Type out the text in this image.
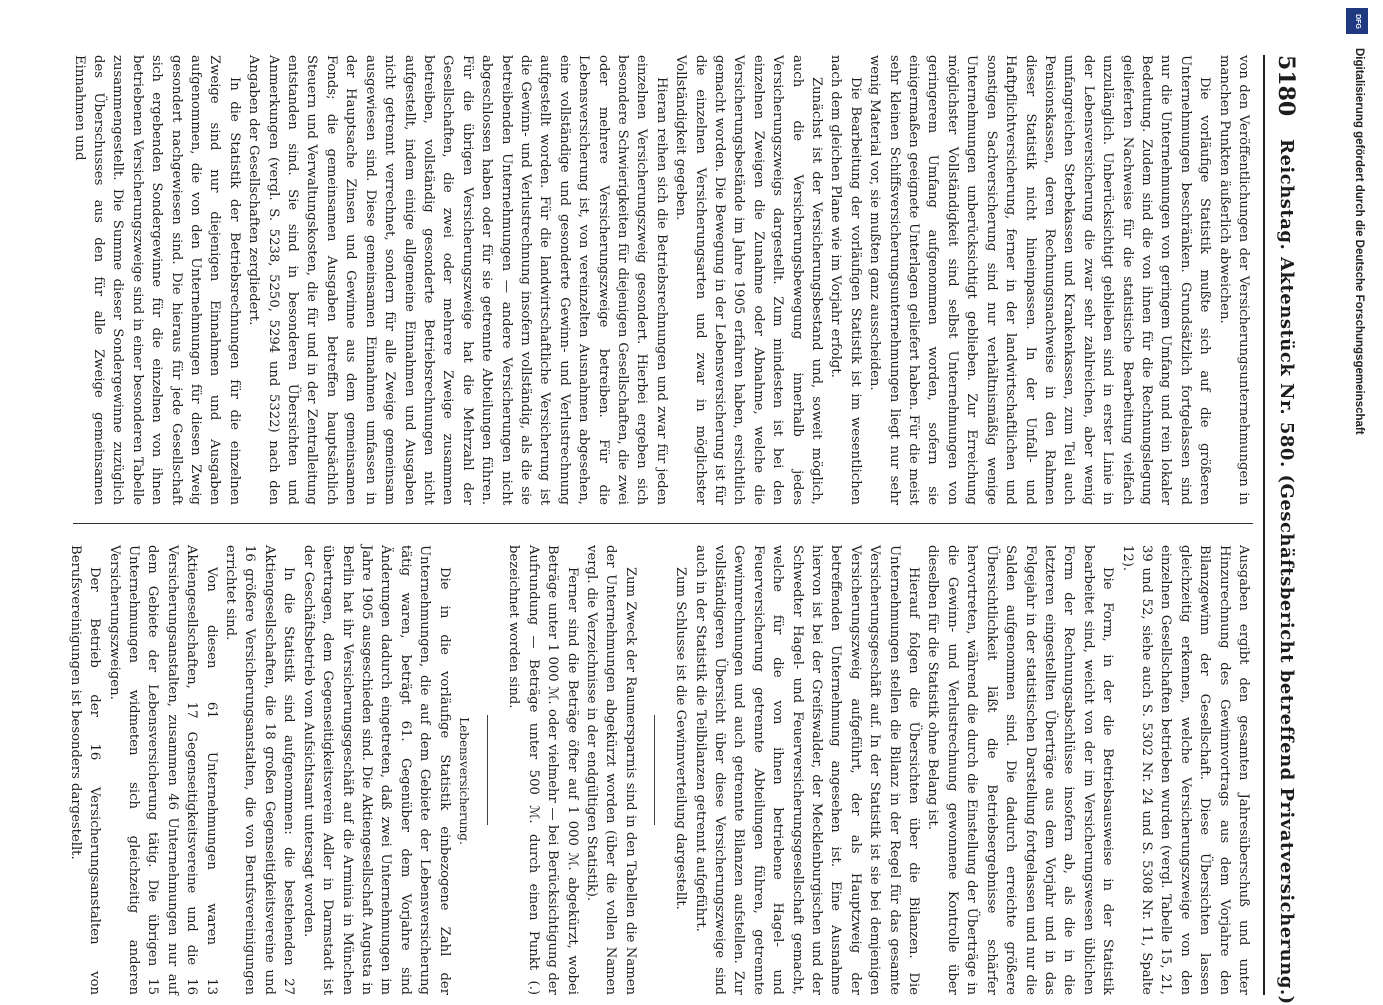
5180
Reichstag. Aktenstück Nr. 580. (Geschäftsbericht betreffend Privatversicherung.)

von den Veröffentlichungen der Versicherungsunternehmungen in manchen Punkten äußerlich abweichen.

Die vorläufige Statistik mußte sich auf die größeren Unternehmungen beschränken. Grundsätzlich fortgelassen sind nur die Unternehmungen von geringem Umfang und rein lokaler Bedeutung. Zudem sind die von ihnen für die Rechnungslegung gelieferten Nachweise für die statistische Bearbeitung vielfach unzulänglich. Unberücksichtigt geblieben sind in erster Linie in der Lebensversicherung die zwar sehr zahlreichen, aber wenig umfangreichen Sterbekassen und Krankenkassen, zum Teil auch Pensionskassen, deren Rechnungsnachweise in den Rahmen dieser Statistik nicht hineinpassen. In der Unfall- und Haftpflichtversicherung, ferner in der landwirtschaftlichen und sonstigen Sachversicherung sind nur verhältnismäßig wenige Unternehmungen unberücksichtigt geblieben. Zur Erreichung möglichster Vollständigkeit sind selbst Unternehmungen von geringerem Umfang aufgenommen worden, sofern sie einigermaßen geeignete Unterlagen geliefert haben. Für die meist sehr kleinen Schiffsversicherungsunternehmungen liegt nur sehr wenig Material vor, sie mußten ganz ausscheiden.

Die Bearbeitung der vorläufigen Statistik ist im wesentlichen nach dem gleichen Plane wie im Vorjahr erfolgt.

Zunächst ist der Versicherungsbestand und, soweit möglich, auch die Versicherungsbewegung innerhalb jedes Versicherungszweigs dargestellt. Zum mindesten ist bei den einzelnen Zweigen die Zunahme oder Abnahme, welche die Versicherungsbestände im Jahre 1905 erfahren haben, ersichtlich gemacht worden. Die Bewegung in der Lebensversicherung ist für die einzelnen Versicherungsarten und zwar in möglichster Vollständigkeit gegeben.

Hieran reihen sich die Betriebsrechnungen und zwar für jeden einzelnen Versicherungszweig gesondert. Hierbei ergeben sich besondere Schwierigkeiten für diejenigen Gesellschaften, die zwei oder mehrere Versicherungszweige betreiben. Für die Lebensversicherung ist, von vereinzelten Ausnahmen abgesehen, eine vollständige und gesonderte Gewinn- und Verlustrechnung aufgestellt worden. Für die landwirtschaftliche Versicherung ist die Gewinn- und Verlustrechnung insofern vollständig, als die sie betreibenden Unternehmungen — andere Versicherungen nicht abgeschlossen haben oder für sie getrennte Abteilungen führen. Für die übrigen Versicherungszweige hat die Mehrzahl der Gesellschaften, die zwei oder mehrere Zweige zusammen betreiben, vollständig gesonderte Betriebsrechnungen nicht aufgestellt, indem einige allgemeine Einnahmen und Ausgaben nicht getrennt verrechnet, sondern für alle Zweige gemeinsam ausgewiesen sind. Diese gemeinsamen Einnahmen umfassen in der Hauptsache Zinsen und Gewinne aus dem gemeinsamen Fonds; die gemeinsamen Ausgaben betreffen hauptsächlich Steuern und Verwaltungskosten, die für und in der Zentralleitung entstanden sind. Sie sind in besonderen Übersichten und Anmerkungen (vergl. S. 5238, 5250, 5294 und 5322) nach den Angaben der Gesellschaften zergliedert.

In die Statistik der Betriebsrechnungen für die einzelnen Zweige sind nur diejenigen Einnahmen und Ausgaben aufgenommen, die von den Unternehmungen für diesen Zweig gesondert nachgewiesen sind. Die hieraus für jede Gesellschaft sich ergebenden Sondergewinne für die einzelnen von ihnen betriebenen Versicherungszweige sind in einer besonderen Tabelle zusammengestellt. Die Summe dieser Sondergewinne zuzüglich des Überschusses aus den für alle Zweige gemeinsamen Einnahmen und

Ausgaben ergibt den gesamten Jahresüberschuß und unter Hinzurechnung des Gewinnvortrags aus dem Vorjahre den Bilanzgewinn der Gesellschaft. Diese Übersichten lassen gleichzeitig erkennen, welche Versicherungszweige von den einzelnen Gesellschaften betrieben wurden (vergl. Tabelle 15, 21, 39 und 52, siehe auch S. 5302 Nr. 24 und S. 5308 Nr. 11, Spalte 12).

Die Form, in der die Betriebsausweise in der Statistik bearbeitet sind, weicht von der im Versicherungswesen üblichen Form der Rechnungsabschlüsse insofern ab, als die in die letzteren eingestellten Überträge aus dem Vorjahr und in das Folgejahr in der statistischen Darstellung fortgelassen und nur die Salden aufgenommen sind. Die dadurch erreichte größere Übersichtlichkeit läßt die Betriebsergebnisse schärfer hervortreten, während die durch die Einstellung der Überträge in die Gewinn- und Verlustrechnung gewonnene Kontrolle über dieselben für die Statistik ohne Belang ist.

Hierauf folgen die Übersichten über die Bilanzen. Die Unternehmungen stellen die Bilanz in der Regel für das gesamte Versicherungsgeschäft auf. In der Statistik ist sie bei demjenigen Versicherungszweig aufgeführt, der als Hauptzweig der betreffenden Unternehmung angesehen ist. Eine Ausnahme hiervon ist bei der Greifswalder, der Mecklenburgischen und der Schwedter Hagel- und Feuerversicherungsgesellschaft gemacht, welche für die von ihnen betriebene Hagel- und Feuerversicherung getrennte Abteilungen führen, getrennte Gewinnrechnungen und auch getrennte Bilanzen aufstellen. Zur vollständigeren Übersicht über diese Versicherungszweige sind auch in der Statistik die Teilbilanzen getrennt aufgeführt.

Zum Schlusse ist die Gewinnverteilung dargestellt.

Zum Zweck der Raumersparnis sind in den Tabellen die Namen der Unternehmungen abgekürzt worden (über die vollen Namen vergl. die Verzeichnisse in der endgültigen Statistik).

Ferner sind die Beträge öfter auf 1 000 ℳ. abgekürzt, wobei Beträge unter 1 000 ℳ. oder vielmehr — bei Berücksichtigung der Aufrundung — Beträge unter 500 ℳ. durch einen Punkt (.) bezeichnet worden sind.

Lebensversicherung.

Die in die vorläufige Statistik einbezogene Zahl der Unternehmungen, die auf dem Gebiete der Lebensversicherung tätig waren, beträgt 61. Gegenüber dem Vorjahre sind Änderungen dadurch eingetreten, daß zwei Unternehmungen im Jahre 1905 ausgeschieden sind. Die Aktiengesellschaft Augusta in Berlin hat ihr Versicherungsgeschäft auf die Arminia in München übertragen, dem Gegenseitigkeitsverein Adler in Darmstadt ist der Geschäftsbetrieb vom Aufsichtsamt untersagt worden.

In die Statistik sind aufgenommen: die bestehenden 27 Aktiengesellschaften, die 18 großen Gegenseitigkeitsvereine und 16 größere Versicherungsanstalten, die von Berufsvereinigungen errichtet sind.

Von diesen 61 Unternehmungen waren 13 Aktiengesellschaften, 17 Gegenseitigkeitsvereine und die 16 Versicherungsanstalten, zusammen 46 Unternehmungen nur auf dem Gebiete der Lebensversicherung tätig. Die übrigen 15 Unternehmungen widmeten sich gleichzeitig anderen Versicherungszweigen.

Der Betrieb der 16 Versicherungsanstalten von Berufsvereinigungen ist besonders dargestellt.

DFG
Digitalisierung gefördert durch die Deutsche Forschungsgemeinschaft
